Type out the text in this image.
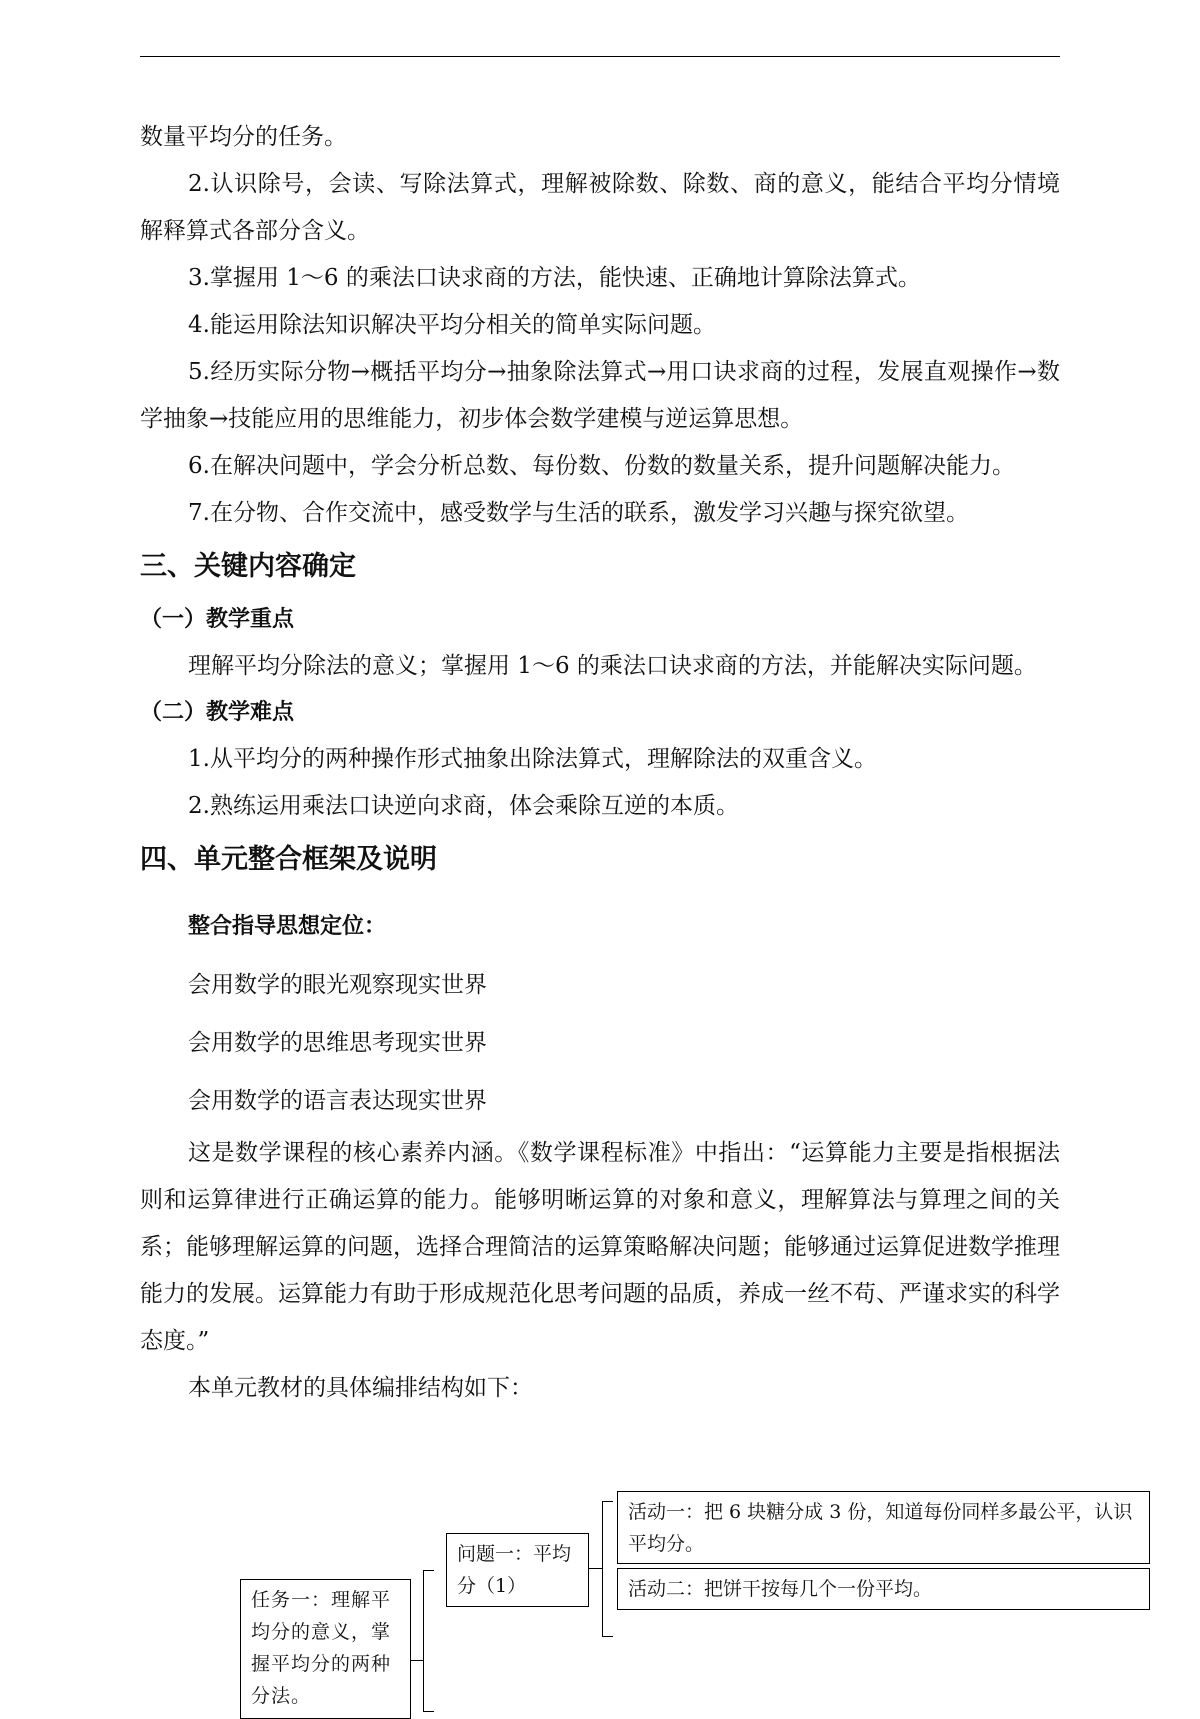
数量平均分的任务。

2.认识除号，会读、写除法算式，理解被除数、除数、商的意义，能结合平均分情境解释算式各部分含义。

3.掌握用 1～6 的乘法口诀求商的方法，能快速、正确地计算除法算式。

4.能运用除法知识解决平均分相关的简单实际问题。

5.经历实际分物→概括平均分→抽象除法算式→用口诀求商的过程，发展直观操作→数学抽象→技能应用的思维能力，初步体会数学建模与逆运算思想。

6.在解决问题中，学会分析总数、每份数、份数的数量关系，提升问题解决能力。

7.在分物、合作交流中，感受数学与生活的联系，激发学习兴趣与探究欲望。

三、关键内容确定
（一）教学重点

理解平均分除法的意义；掌握用 1～6 的乘法口诀求商的方法，并能解决实际问题。

（二）教学难点

1.从平均分的两种操作形式抽象出除法算式，理解除法的双重含义。

2.熟练运用乘法口诀逆向求商，体会乘除互逆的本质。

四、单元整合框架及说明
整合指导思想定位：
会用数学的眼光观察现实世界
会用数学的思维思考现实世界
会用数学的语言表达现实世界

这是数学课程的核心素养内涵。《数学课程标准》中指出：“运算能力主要是指根据法则和运算律进行正确运算的能力。能够明晰运算的对象和意义，理解算法与算理之间的关系；能够理解运算的问题，选择合理简洁的运算策略解决问题；能够通过运算促进数学推理能力的发展。运算能力有助于形成规范化思考问题的品质，养成一丝不苟、严谨求实的科学态度。”

本单元教材的具体编排结构如下：

任务一：理解平均分的意义，掌握平均分的两种分法。
问题一：平均分（1）
活动一：把 6 块糖分成 3 份，知道每份同样多最公平，认识平均分。
活动二：把饼干按每几个一份平均。
